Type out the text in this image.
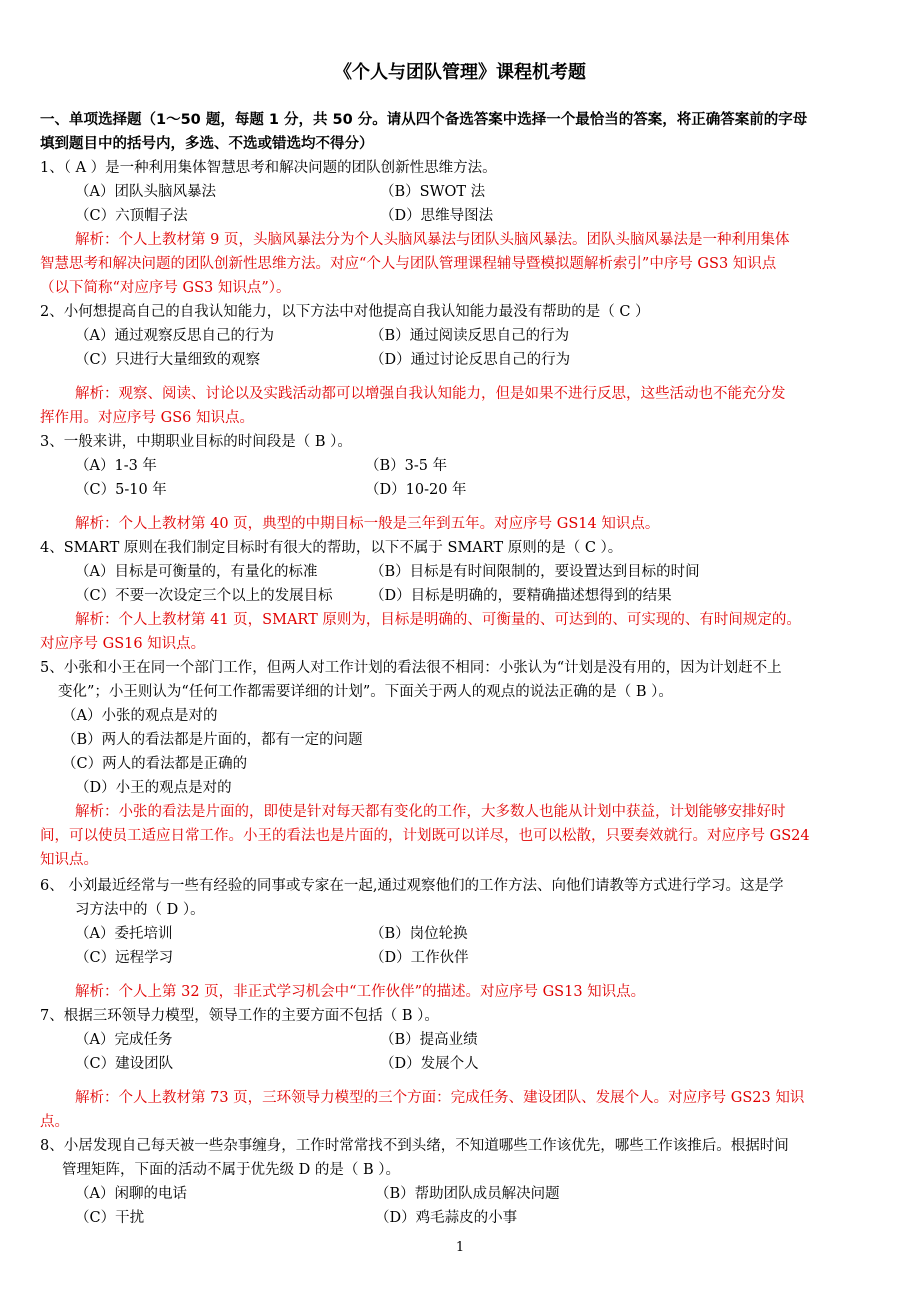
《个人与团队管理》课程机考题
一、单项选择题（1～50 题，每题 1 分，共 50 分。请从四个备选答案中选择一个最恰当的答案，将正确答案前的字母
填到题目中的括号内，多选、不选或错选均不得分）
1、（ A ）是一种利用集体智慧思考和解决问题的团队创新性思维方法。
（A）团队头脑风暴法	（B）SWOT 法
（C）六顶帽子法	（D）思维导图法
解析：个人上教材第 9 页，头脑风暴法分为个人头脑风暴法与团队头脑风暴法。团队头脑风暴法是一种利用集体
智慧思考和解决问题的团队创新性思维方法。对应“个人与团队管理课程辅导暨模拟题解析索引”中序号 GS3 知识点
（以下简称“对应序号 GS3 知识点”）。
2、小何想提高自己的自我认知能力，以下方法中对他提高自我认知能力最没有帮助的是（ C ）
（A）通过观察反思自己的行为	（B）通过阅读反思自己的行为
（C）只进行大量细致的观察	（D）通过讨论反思自己的行为
解析：观察、阅读、讨论以及实践活动都可以增强自我认知能力，但是如果不进行反思，这些活动也不能充分发
挥作用。对应序号 GS6 知识点。
3、一般来讲，中期职业目标的时间段是（ B ）。
（A）1-3 年	（B）3-5 年
（C）5-10 年	（D）10-20 年
解析：个人上教材第 40 页，典型的中期目标一般是三年到五年。对应序号 GS14 知识点。
4、SMART 原则在我们制定目标时有很大的帮助，以下不属于 SMART 原则的是（ C ）。
（A）目标是可衡量的，有量化的标准	（B）目标是有时间限制的，要设置达到目标的时间
（C）不要一次设定三个以上的发展目标	（D）目标是明确的，要精确描述想得到的结果
解析：个人上教材第 41 页，SMART 原则为，目标是明确的、可衡量的、可达到的、可实现的、有时间规定的。
对应序号 GS16 知识点。
5、小张和小王在同一个部门工作，但两人对工作计划的看法很不相同：小张认为“计划是没有用的，因为计划赶不上
变化”；小王则认为“任何工作都需要详细的计划”。下面关于两人的观点的说法正确的是（ B ）。
（A）小张的观点是对的
（B）两人的看法都是片面的，都有一定的问题
（C）两人的看法都是正确的
（D）小王的观点是对的
解析：小张的看法是片面的，即使是针对每天都有变化的工作，大多数人也能从计划中获益，计划能够安排好时
间，可以使员工适应日常工作。小王的看法也是片面的，计划既可以详尽，也可以松散，只要奏效就行。对应序号 GS24
知识点。
6、 小刘最近经常与一些有经验的同事或专家在一起,通过观察他们的工作方法、向他们请教等方式进行学习。这是学
习方法中的（ D ）。
（A）委托培训	（B）岗位轮换
（C）远程学习	（D）工作伙伴
解析：个人上第 32 页，非正式学习机会中“工作伙伴”的描述。对应序号 GS13 知识点。
7、根据三环领导力模型，领导工作的主要方面不包括（ B ）。
（A）完成任务	（B）提高业绩
（C）建设团队	（D）发展个人
解析：个人上教材第 73 页，三环领导力模型的三个方面：完成任务、建设团队、发展个人。对应序号 GS23 知识
点。
8、小居发现自己每天被一些杂事缠身，工作时常常找不到头绪，不知道哪些工作该优先，哪些工作该推后。根据时间
管理矩阵，下面的活动不属于优先级 D 的是（ B ）。
（A）闲聊的电话	（B）帮助团队成员解决问题
（C）干扰	（D）鸡毛蒜皮的小事
1
